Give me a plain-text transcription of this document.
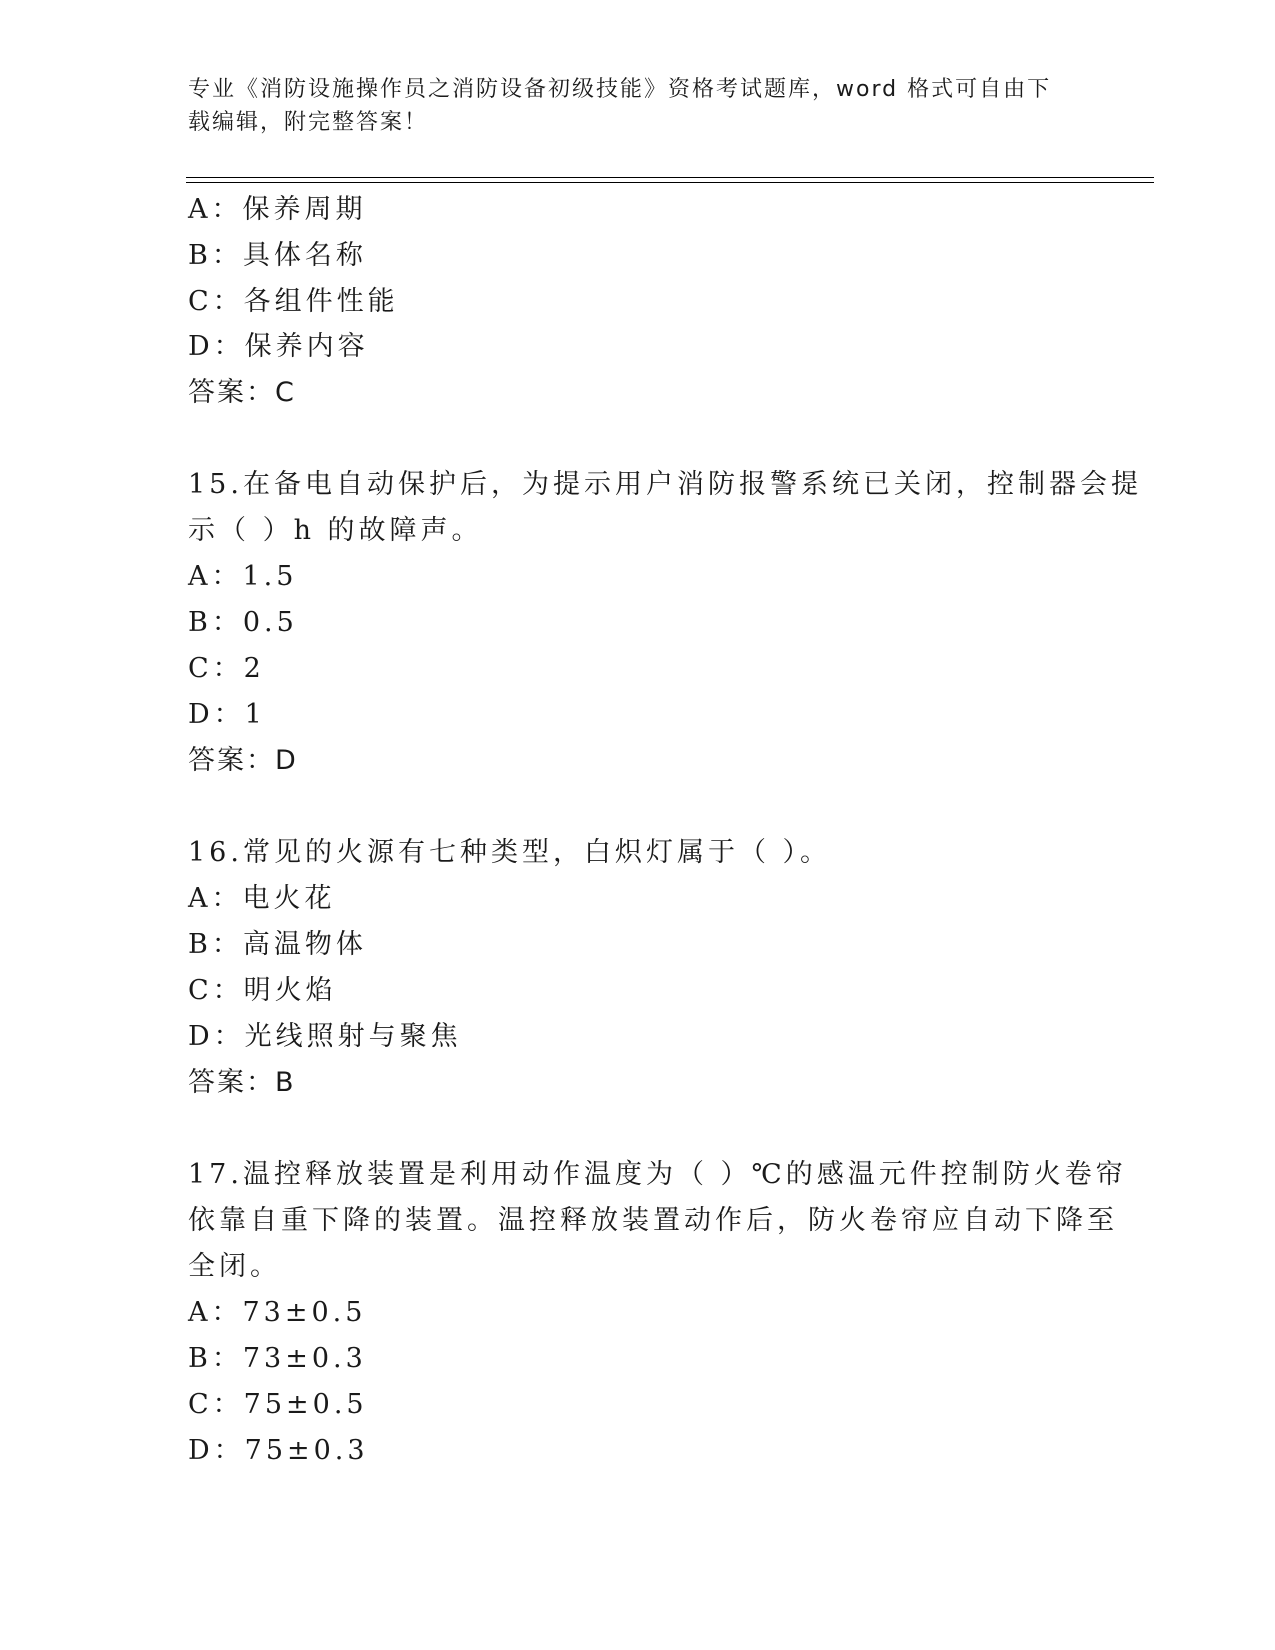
专业《消防设施操作员之消防设备初级技能》资格考试题库，word 格式可自由下
载编辑，附完整答案！
A：保养周期
B：具体名称
C：各组件性能
D：保养内容
答案：C
15.在备电自动保护后，为提示用户消防报警系统已关闭，控制器会提
示（ ）h 的故障声。
A：1.5
B：0.5
C：2
D：1
答案：D
16.常见的火源有七种类型，白炽灯属于（ ）。
A：电火花
B：高温物体
C：明火焰
D：光线照射与聚焦
答案：B
17.温控释放装置是利用动作温度为（ ）℃的感温元件控制防火卷帘
依靠自重下降的装置。温控释放装置动作后，防火卷帘应自动下降至
全闭。
A：73±0.5
B：73±0.3
C：75±0.5
D：75±0.3
